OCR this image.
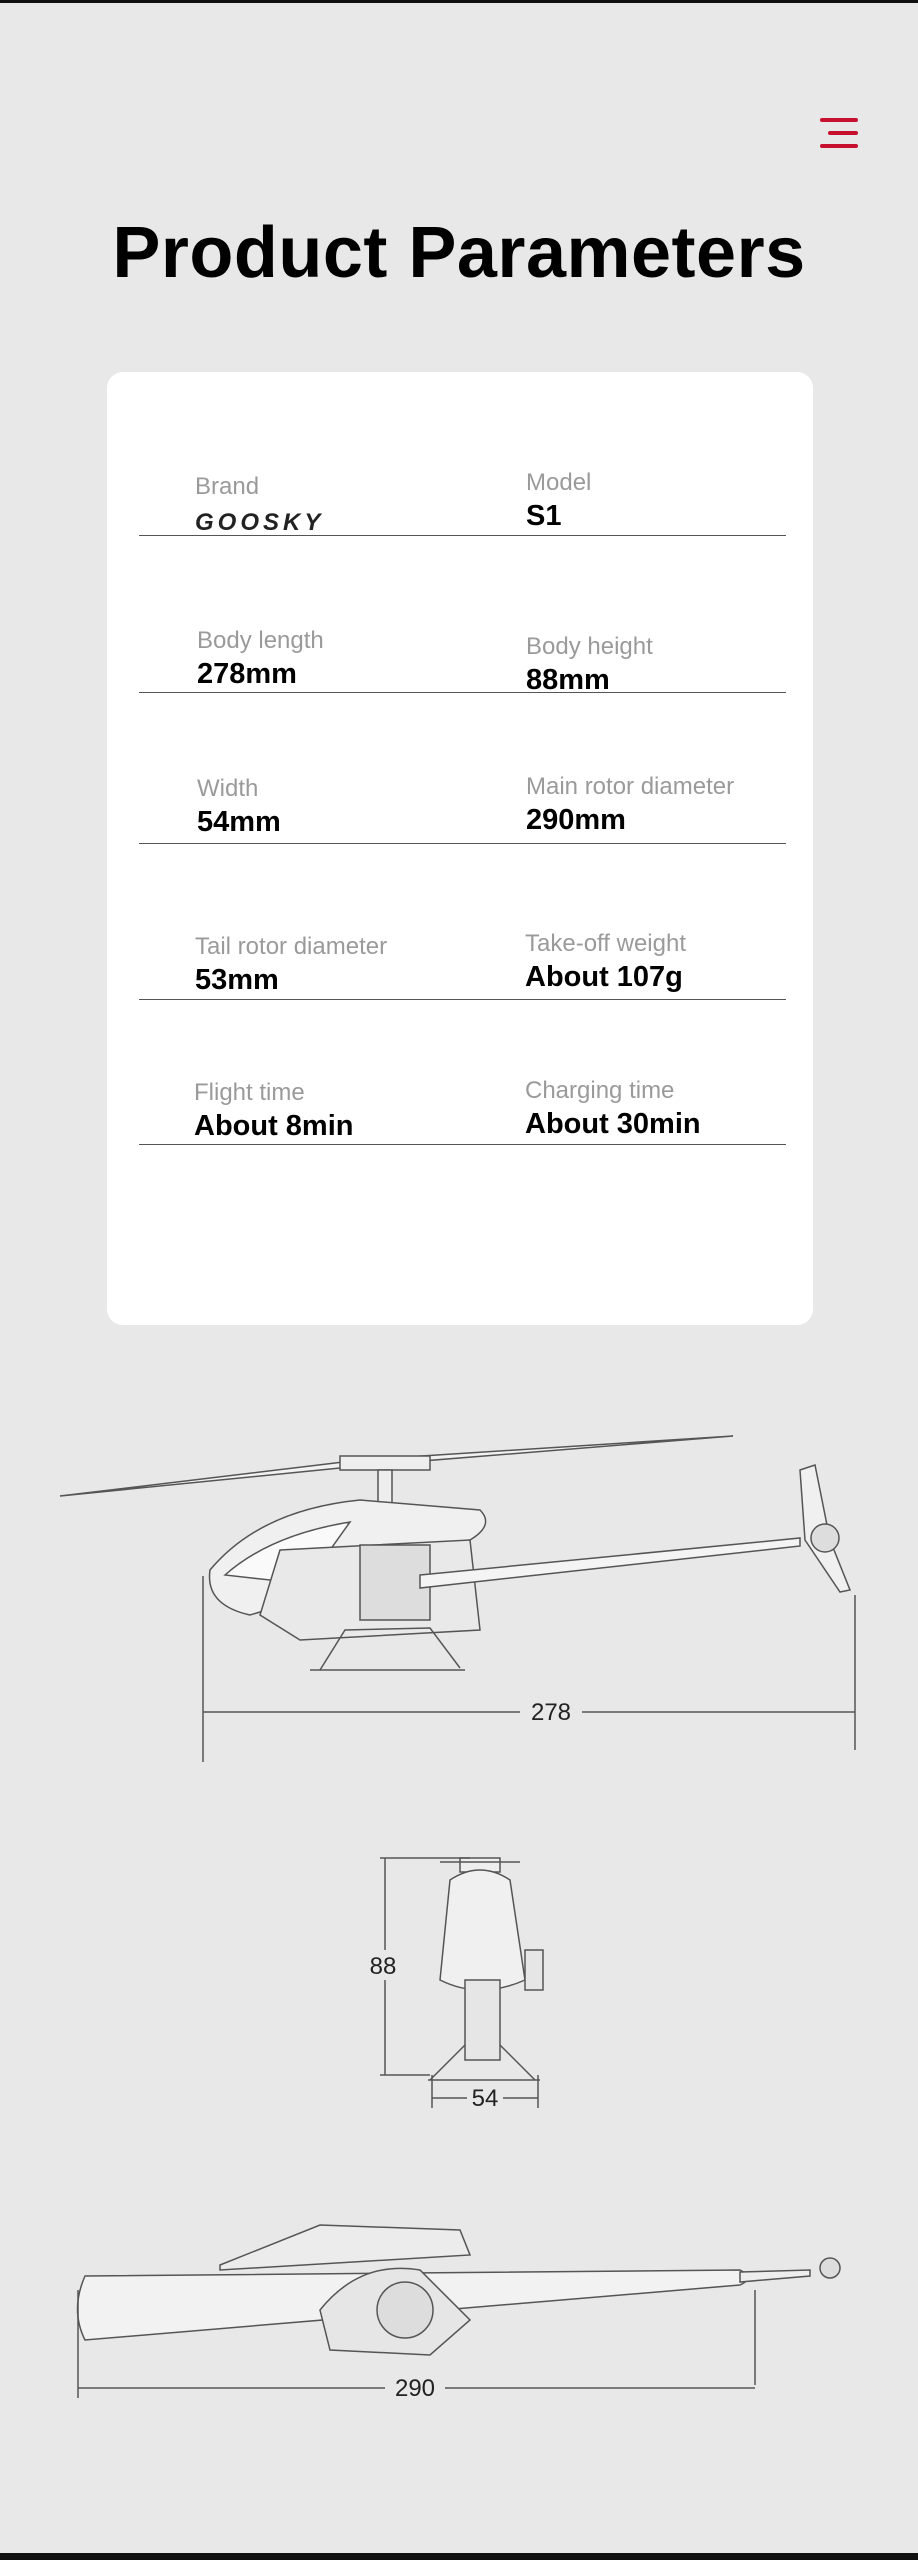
Product Parameters
Brand
GOOSKY
Model
S1
Body length
278mm
Body height
88mm
Width
54mm
Main rotor diameter
290mm
Tail rotor diameter
53mm
Take-off weight
About 107g
Flight time
About 8min
Charging time
About 30min
278
88
54
290
